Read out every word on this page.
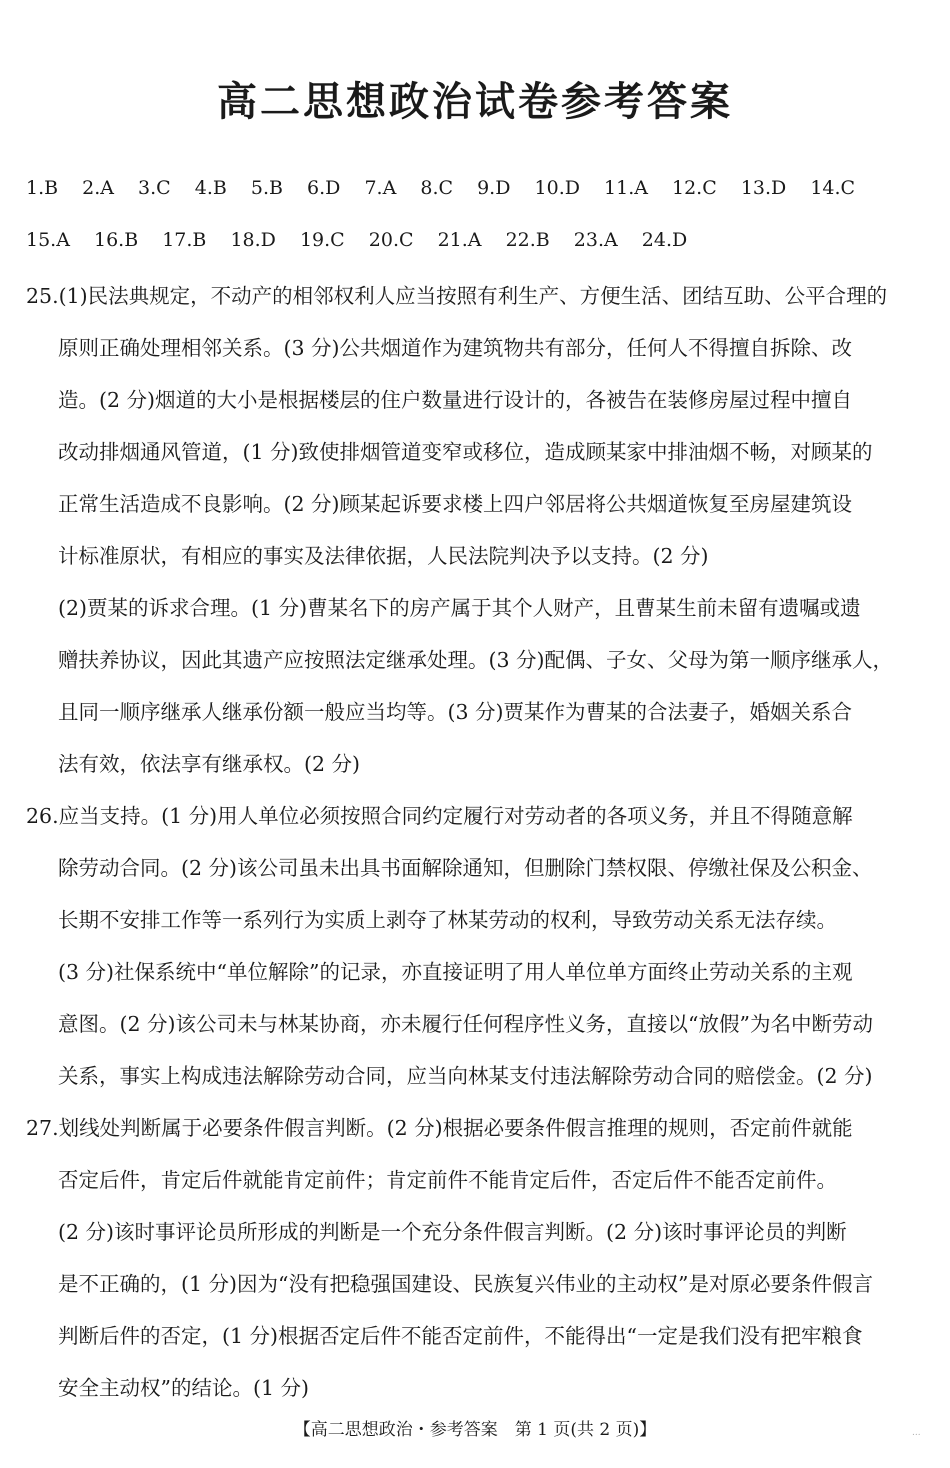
高二思想政治试卷参考答案
1.B 2.A 3.C 4.B 5.B 6.D 7.A 8.C 9.D 10.D 11.A 12.C 13.D 14.C
15.A 16.B 17.B 18.D 19.C 20.C 21.A 22.B 23.A 24.D
25.(1)民法典规定，不动产的相邻权利人应当按照有利生产、方便生活、团结互助、公平合理的
原则正确处理相邻关系。(3 分)公共烟道作为建筑物共有部分，任何人不得擅自拆除、改
造。(2 分)烟道的大小是根据楼层的住户数量进行设计的，各被告在装修房屋过程中擅自
改动排烟通风管道，(1 分)致使排烟管道变窄或移位，造成顾某家中排油烟不畅，对顾某的
正常生活造成不良影响。(2 分)顾某起诉要求楼上四户邻居将公共烟道恢复至房屋建筑设
计标准原状，有相应的事实及法律依据，人民法院判决予以支持。(2 分)
(2)贾某的诉求合理。(1 分)曹某名下的房产属于其个人财产，且曹某生前未留有遗嘱或遗
赠扶养协议，因此其遗产应按照法定继承处理。(3 分)配偶、子女、父母为第一顺序继承人，
且同一顺序继承人继承份额一般应当均等。(3 分)贾某作为曹某的合法妻子，婚姻关系合
法有效，依法享有继承权。(2 分)
26.应当支持。(1 分)用人单位必须按照合同约定履行对劳动者的各项义务，并且不得随意解
除劳动合同。(2 分)该公司虽未出具书面解除通知，但删除门禁权限、停缴社保及公积金、
长期不安排工作等一系列行为实质上剥夺了林某劳动的权利，导致劳动关系无法存续。
(3 分)社保系统中“单位解除”的记录，亦直接证明了用人单位单方面终止劳动关系的主观
意图。(2 分)该公司未与林某协商，亦未履行任何程序性义务，直接以“放假”为名中断劳动
关系，事实上构成违法解除劳动合同，应当向林某支付违法解除劳动合同的赔偿金。(2 分)
27.划线处判断属于必要条件假言判断。(2 分)根据必要条件假言推理的规则，否定前件就能
否定后件，肯定后件就能肯定前件；肯定前件不能肯定后件，否定后件不能否定前件。
(2 分)该时事评论员所形成的判断是一个充分条件假言判断。(2 分)该时事评论员的判断
是不正确的，(1 分)因为“没有把稳强国建设、民族复兴伟业的主动权”是对原必要条件假言
判断后件的否定，(1 分)根据否定后件不能否定前件，不能得出“一定是我们没有把牢粮食
安全主动权”的结论。(1 分)
【高二思想政治・参考答案　第 1 页(共 2 页)】	...
